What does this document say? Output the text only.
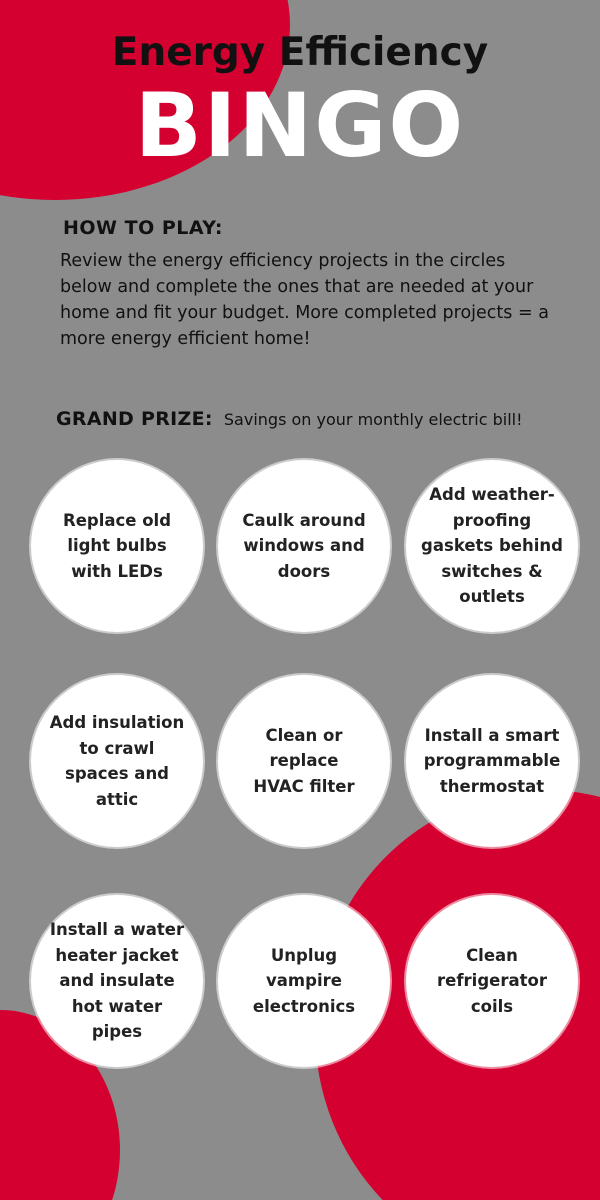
Energy Efficiency
BINGO
HOW TO PLAY:
Review the energy efficiency projects in the circles below and complete the ones that are needed at your home and fit your budget. More completed projects = a more energy efficient home!
GRAND PRIZE: Savings on your monthly electric bill!
Replace old
light bulbs
with LEDs
Caulk around
windows and
doors
Add weather-
proofing
gaskets behind
switches &
outlets
Add insulation
to crawl
spaces and
attic
Clean or
replace
HVAC filter
Install a smart
programmable
thermostat
Install a water
heater jacket
and insulate
hot water
pipes
Unplug
vampire
electronics
Clean
refrigerator
coils
